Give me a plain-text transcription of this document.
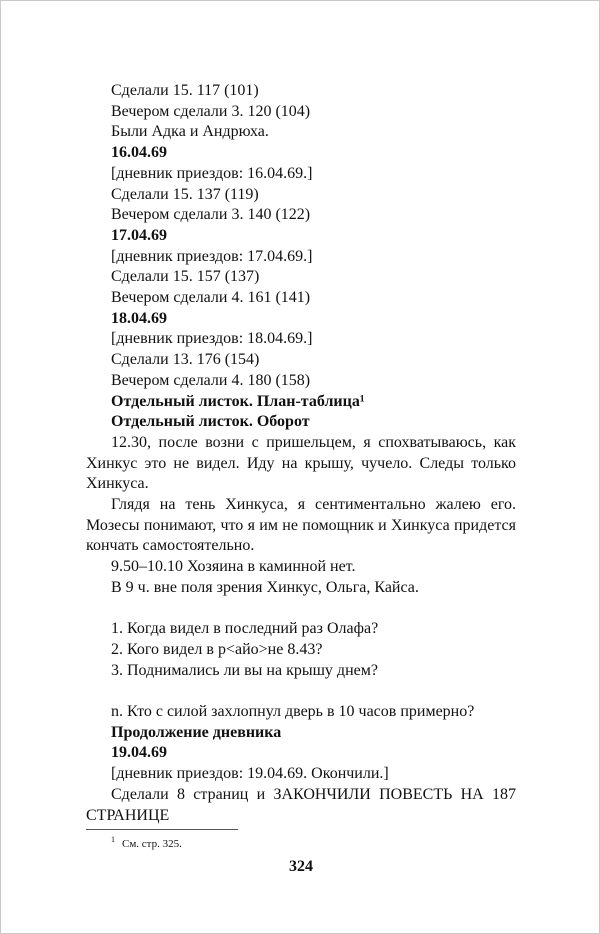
Сделали 15. 117 (101)

Вечером сделали 3. 120 (104)

Были Адка и Андрюха.

16.04.69

[дневник приездов: 16.04.69.]

Сделали 15. 137 (119)

Вечером сделали 3. 140 (122)

17.04.69

[дневник приездов: 17.04.69.]

Сделали 15. 157 (137)

Вечером сделали 4. 161 (141)

18.04.69

[дневник приездов: 18.04.69.]

Сделали 13. 176 (154)

Вечером сделали 4. 180 (158)

Отдельный листок. План-таблица¹

Отдельный листок. Оборот

12.30, после возни с пришельцем, я спохватываюсь, как Хинкус это не видел. Иду на крышу, чучело. Следы только Хинкуса.

Глядя на тень Хинкуса, я сентиментально жалею его. Мозесы понимают, что я им не помощник и Хинкуса придется кончать самостоятельно.

9.50–10.10 Хозяина в каминной нет.

В 9 ч. вне поля зрения Хинкус, Ольга, Кайса.

1. Когда видел в последний раз Олафа?

2. Кого видел в р<айо>не 8.43?

3. Поднимались ли вы на крышу днем?

n. Кто с силой захлопнул дверь в 10 часов примерно?

Продолжение дневника

19.04.69

[дневник приездов: 19.04.69. Окончили.]

Сделали 8 страниц и ЗАКОНЧИЛИ ПОВЕСТЬ НА 187 СТРАНИЦЕ

$^1$ См. стр. 325.

324
